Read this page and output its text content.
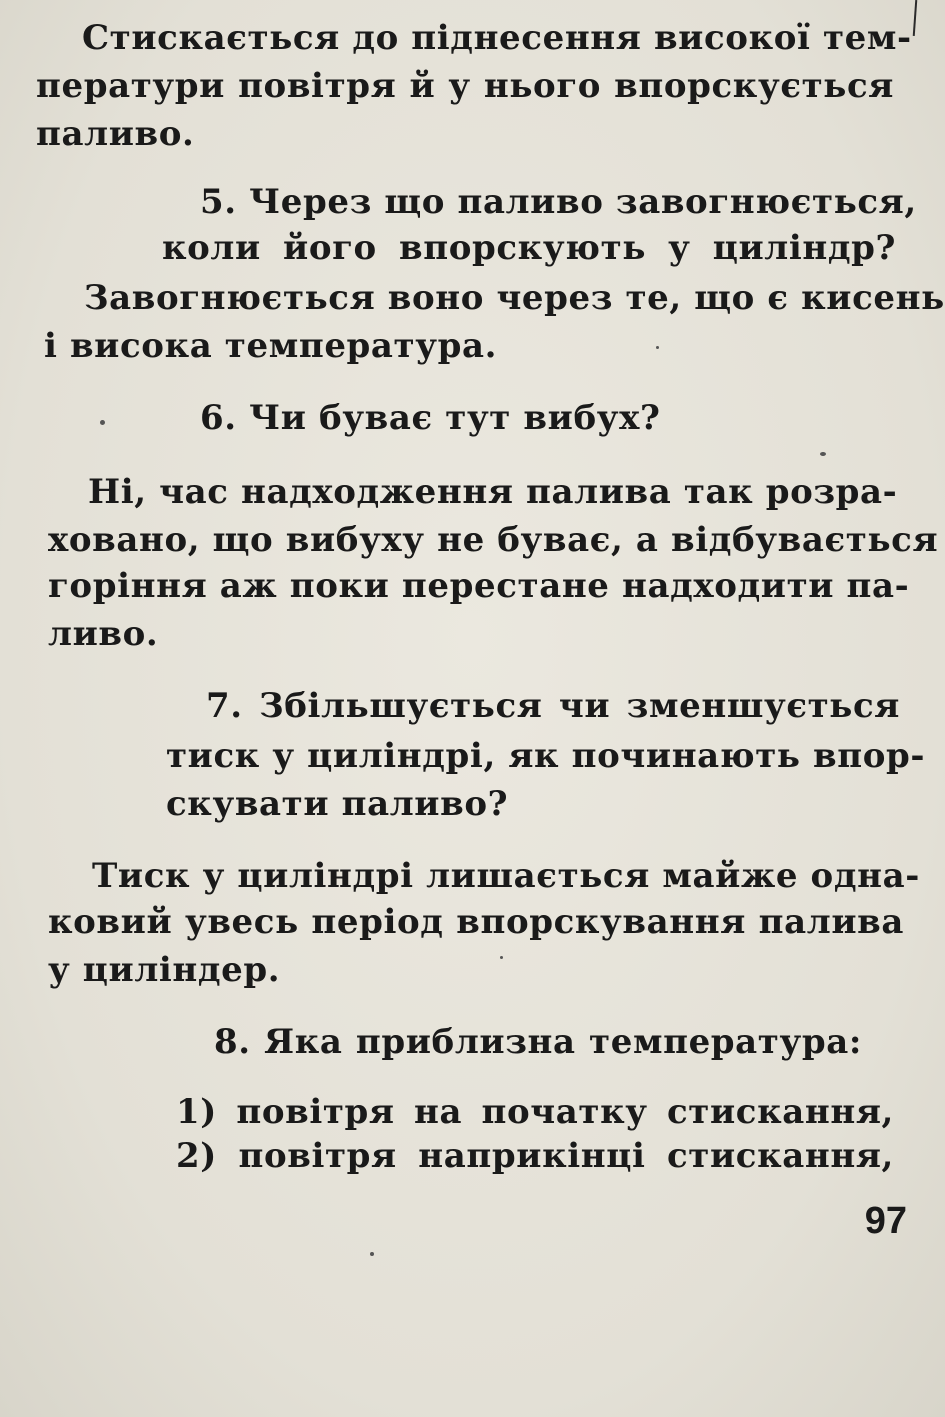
Стискається до піднесення високої тем-
ператури повітря й у нього впорскується
паливо.
5. Через що паливо завогнюється,
коли його впорскують у циліндр?
Завогнюється воно через те, що є кисень
і висока температура.
6. Чи буває тут вибух?
Ні, час надходження палива так розра-
ховано, що вибуху не буває, а відбувається
горіння аж поки перестане надходити па-
ливо.
7. Збільшується чи зменшується
тиск у циліндрі, як починають впор-
скувати паливо?
Тиск у циліндрі лишається майже одна-
ковий увесь період впорскування палива
у циліндер.
8. Яка приблизна температура:
1) повітря на початку стискання,
2) повітря наприкінці стискання,
97
